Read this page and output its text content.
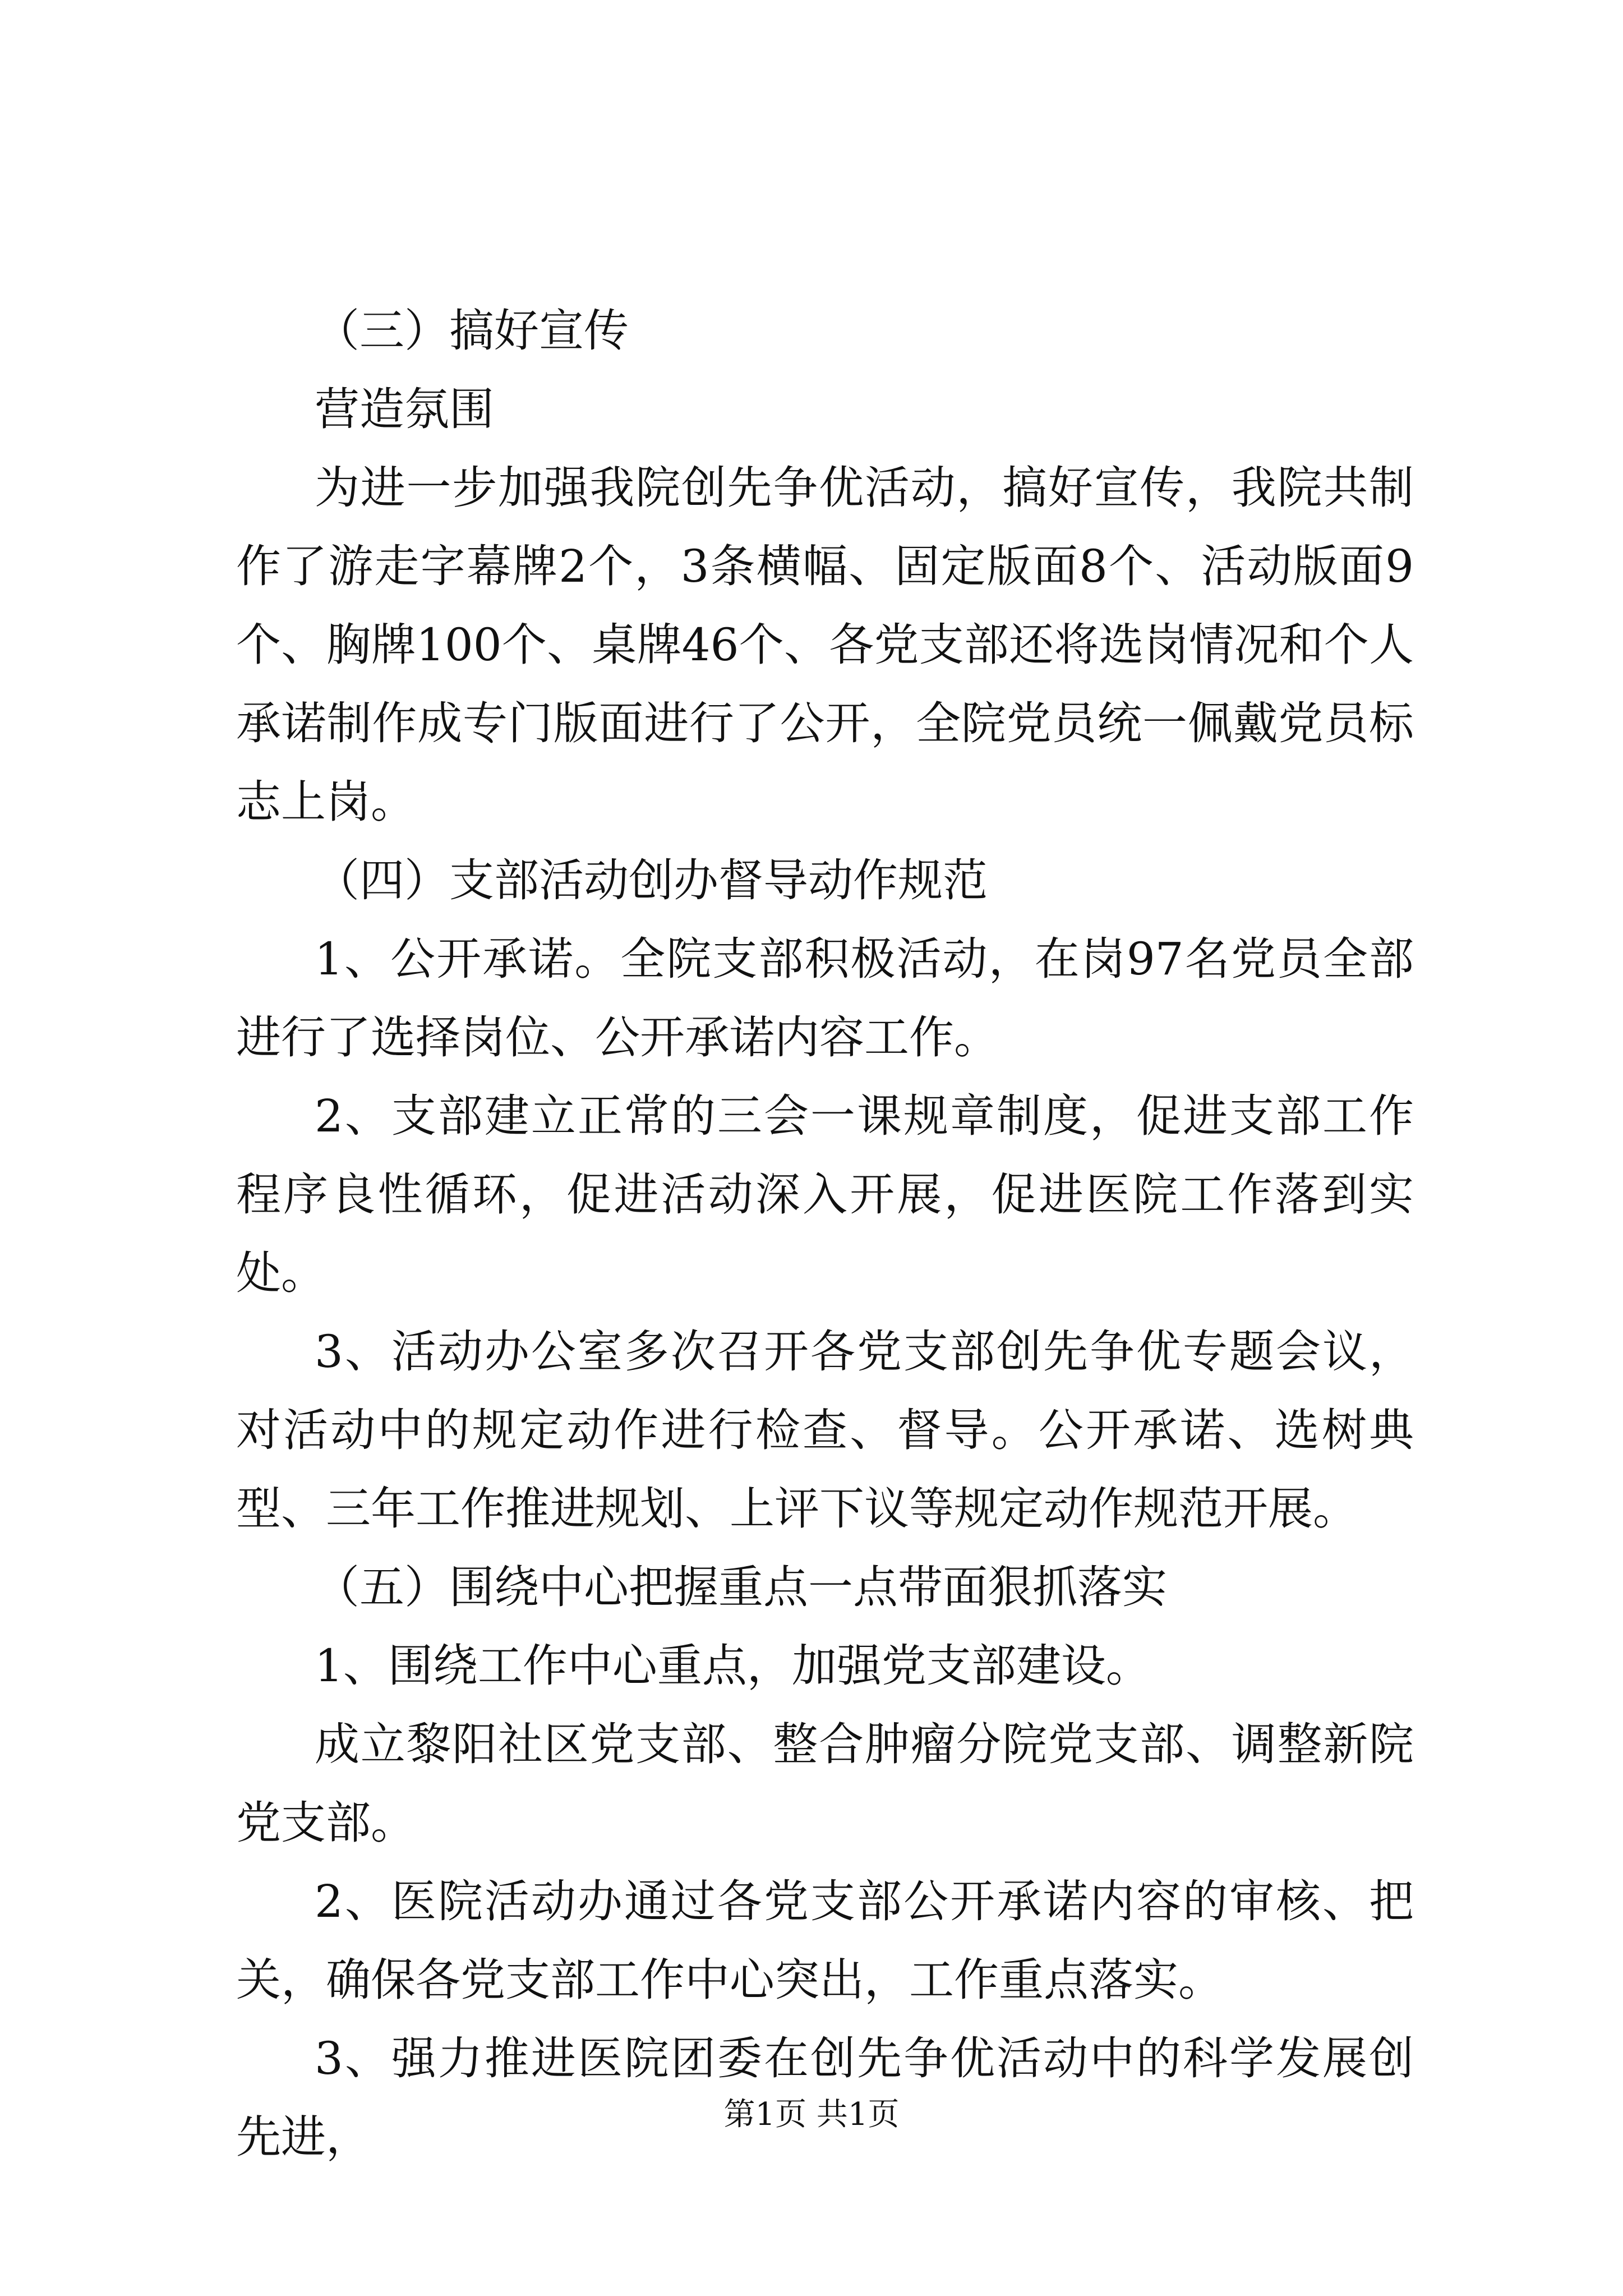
（三）搞好宣传

营造氛围

为进一步加强我院创先争优活动，搞好宣传，我院共制作了游走字幕牌2个，3条横幅、固定版面8个、活动版面9个、胸牌100个、桌牌46个、各党支部还将选岗情况和个人承诺制作成专门版面进行了公开，全院党员统一佩戴党员标志上岗。

（四）支部活动创办督导动作规范

1、公开承诺。全院支部积极活动，在岗97名党员全部进行了选择岗位、公开承诺内容工作。

2、支部建立正常的三会一课规章制度，促进支部工作程序良性循环，促进活动深入开展，促进医院工作落到实处。

3、活动办公室多次召开各党支部创先争优专题会议，对活动中的规定动作进行检查、督导。公开承诺、选树典型、三年工作推进规划、上评下议等规定动作规范开展。

（五）围绕中心把握重点一点带面狠抓落实

1、围绕工作中心重点，加强党支部建设。

成立黎阳社区党支部、整合肿瘤分院党支部、调整新院党支部。

2、医院活动办通过各党支部公开承诺内容的审核、把关，确保各党支部工作中心突出，工作重点落实。

3、强力推进医院团委在创先争优活动中的科学发展创先进，	第1页 共1页
